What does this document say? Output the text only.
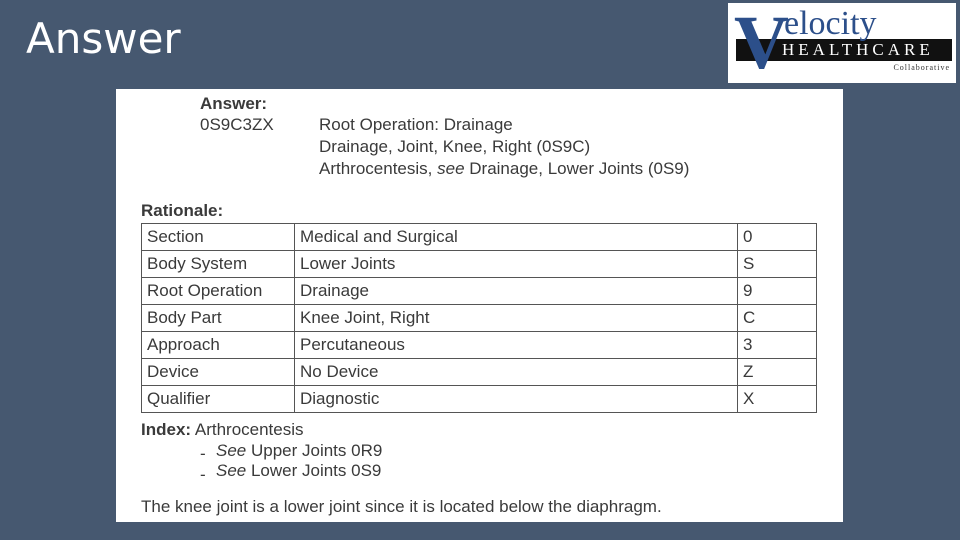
Answer	V
elocity
HEALTHCARE
Collaborative
Answer:
0S9C3ZX	Root Operation: Drainage
Drainage, Joint, Knee, Right (0S9C)
Arthrocentesis, see Drainage, Lower Joints (0S9)
Rationale:
Section	Medical and Surgical	0
Body System	Lower Joints	S
Root Operation	Drainage	9
Body Part	Knee Joint, Right	C
Approach	Percutaneous	3
Device	No Device	Z
Qualifier	Diagnostic	X
Index: Arthrocentesis
- See Upper Joints 0R9
- See Lower Joints 0S9
The knee joint is a lower joint since it is located below the diaphragm.
